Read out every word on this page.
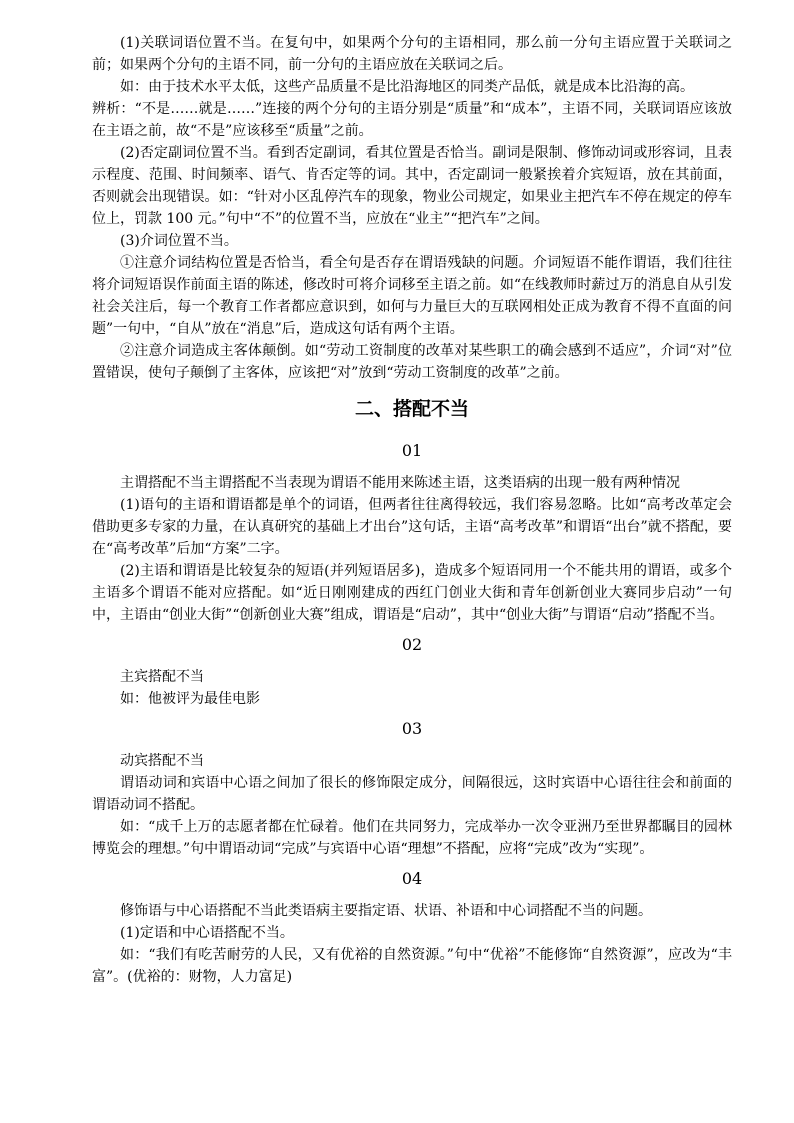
(1)关联词语位置不当。在复句中，如果两个分句的主语相同，那么前一分句主语应置于关联词之前；如果两个分句的主语不同，前一分句的主语应放在关联词之后。

如：由于技术水平太低，这些产品质量不是比沿海地区的同类产品低，就是成本比沿海的高。

辨析：“不是……就是……”连接的两个分句的主语分别是“质量”和“成本”，主语不同，关联词语应该放在主语之前，故“不是”应该移至“质量”之前。

(2)否定副词位置不当。看到否定副词，看其位置是否恰当。副词是限制、修饰动词或形容词，且表示程度、范围、时间频率、语气、肯否定等的词。其中，否定副词一般紧挨着介宾短语，放在其前面，否则就会出现错误。如：“针对小区乱停汽车的现象，物业公司规定，如果业主把汽车不停在规定的停车位上，罚款 100 元。”句中“不”的位置不当，应放在“业主”“把汽车”之间。

(3)介词位置不当。

①注意介词结构位置是否恰当，看全句是否存在谓语残缺的问题。介词短语不能作谓语，我们往往将介词短语误作前面主语的陈述，修改时可将介词移至主语之前。如“在线教师时薪过万的消息自从引发社会关注后，每一个教育工作者都应意识到，如何与力量巨大的互联网相处正成为教育不得不直面的问题”一句中，“自从”放在“消息”后，造成这句话有两个主语。

②注意介词造成主客体颠倒。如“劳动工资制度的改革对某些职工的确会感到不适应”，介词“对”位置错误，使句子颠倒了主客体，应该把“对”放到“劳动工资制度的改革”之前。

二、搭配不当
01

主谓搭配不当主谓搭配不当表现为谓语不能用来陈述主语，这类语病的出现一般有两种情况

(1)语句的主语和谓语都是单个的词语，但两者往往离得较远，我们容易忽略。比如“高考改革定会借助更多专家的力量，在认真研究的基础上才出台”这句话，主语“高考改革”和谓语“出台”就不搭配，要在“高考改革”后加“方案”二字。

(2)主语和谓语是比较复杂的短语(并列短语居多)，造成多个短语同用一个不能共用的谓语，或多个主语多个谓语不能对应搭配。如“近日刚刚建成的西红门创业大街和青年创新创业大赛同步启动”一句中，主语由“创业大街”“创新创业大赛”组成，谓语是“启动”，其中“创业大街”与谓语“启动”搭配不当。

02

主宾搭配不当

如：他被评为最佳电影

03

动宾搭配不当

谓语动词和宾语中心语之间加了很长的修饰限定成分，间隔很远，这时宾语中心语往往会和前面的谓语动词不搭配。

如：“成千上万的志愿者都在忙碌着。他们在共同努力，完成举办一次令亚洲乃至世界都瞩目的园林博览会的理想。”句中谓语动词“完成”与宾语中心语“理想”不搭配，应将“完成”改为“实现”。

04

修饰语与中心语搭配不当此类语病主要指定语、状语、补语和中心词搭配不当的问题。

(1)定语和中心语搭配不当。

如：“我们有吃苦耐劳的人民，又有优裕的自然资源。”句中“优裕”不能修饰“自然资源”，应改为“丰富”。(优裕的：财物，人力富足)
